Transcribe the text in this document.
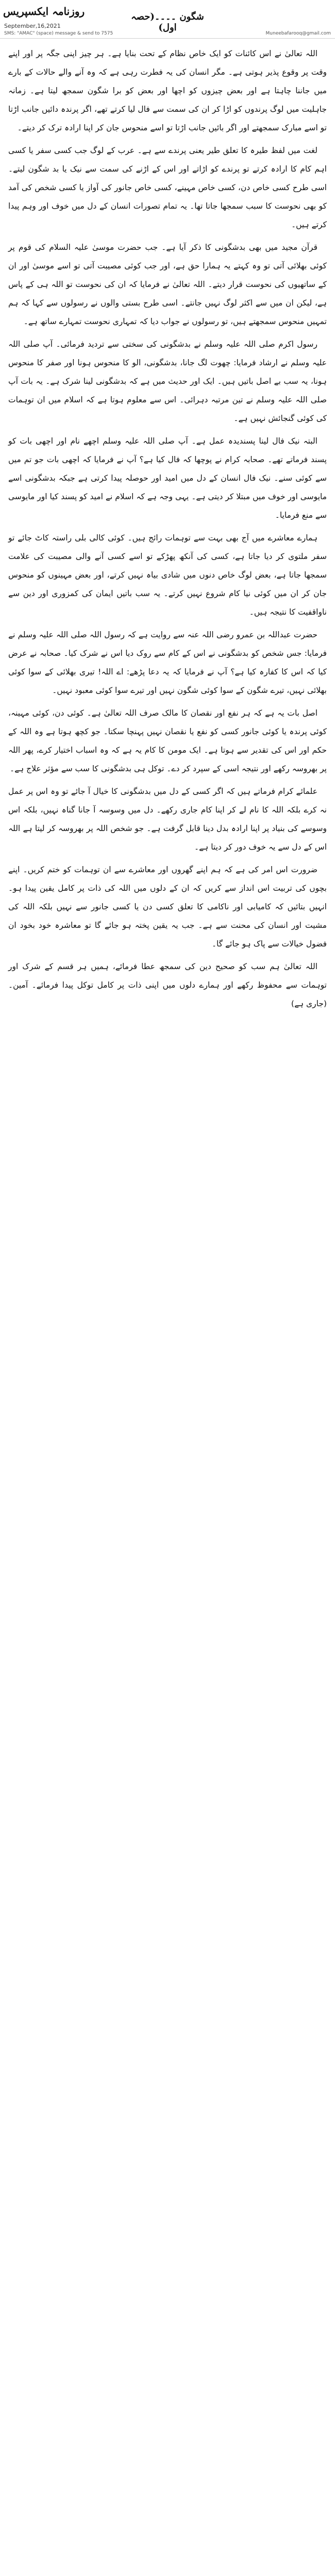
روزنامہ ایکسپریس
September,16,2021
شگون ۔۔۔۔(حصہ اول)
SMS: "AMAC" (space) message & send to 7575	Muneebafarooq@gmail.com

اللہ تعالیٰ نے اس کائنات کو ایک خاص نظام کے تحت بنایا ہے۔ ہر چیز اپنی جگہ پر اور اپنے وقت پر وقوع پذیر ہوتی ہے۔ مگر انسان کی یہ فطرت رہی ہے کہ وہ آنے والے حالات کے بارے میں جاننا چاہتا ہے اور بعض چیزوں کو اچھا اور بعض کو برا شگون سمجھ لیتا ہے۔ زمانہ جاہلیت میں لوگ پرندوں کو اڑا کر ان کی سمت سے فال لیا کرتے تھے، اگر پرندہ دائیں جانب اڑتا تو اسے مبارک سمجھتے اور اگر بائیں جانب اڑتا تو اسے منحوس جان کر اپنا ارادہ ترک کر دیتے۔

لغت میں لفظ طیرہ کا تعلق طیر یعنی پرندے سے ہے۔ عرب کے لوگ جب کسی سفر یا کسی اہم کام کا ارادہ کرتے تو پرندے کو اڑاتے اور اس کے اڑنے کی سمت سے نیک یا بد شگون لیتے۔ اسی طرح کسی خاص دن، کسی خاص مہینے، کسی خاص جانور کی آواز یا کسی شخص کی آمد کو بھی نحوست کا سبب سمجھا جاتا تھا۔ یہ تمام تصورات انسان کے دل میں خوف اور وہم پیدا کرتے ہیں۔

قرآن مجید میں بھی بدشگونی کا ذکر آیا ہے۔ جب حضرت موسیٰ علیہ السلام کی قوم پر کوئی بھلائی آتی تو وہ کہتے یہ ہمارا حق ہے، اور جب کوئی مصیبت آتی تو اسے موسیٰ اور ان کے ساتھیوں کی نحوست قرار دیتے۔ اللہ تعالیٰ نے فرمایا کہ ان کی نحوست تو اللہ ہی کے پاس ہے، لیکن ان میں سے اکثر لوگ نہیں جانتے۔ اسی طرح بستی والوں نے رسولوں سے کہا کہ ہم تمہیں منحوس سمجھتے ہیں، تو رسولوں نے جواب دیا کہ تمہاری نحوست تمہارے ساتھ ہے۔

رسول اکرم صلی اللہ علیہ وسلم نے بدشگونی کی سختی سے تردید فرمائی۔ آپ صلی اللہ علیہ وسلم نے ارشاد فرمایا: چھوت لگ جانا، بدشگونی، الو کا منحوس ہونا اور صفر کا منحوس ہونا، یہ سب بے اصل باتیں ہیں۔ ایک اور حدیث میں ہے کہ بدشگونی لینا شرک ہے۔ یہ بات آپ صلی اللہ علیہ وسلم نے تین مرتبہ دہرائی۔ اس سے معلوم ہوتا ہے کہ اسلام میں ان توہمات کی کوئی گنجائش نہیں ہے۔

البتہ نیک فال لینا پسندیدہ عمل ہے۔ آپ صلی اللہ علیہ وسلم اچھے نام اور اچھی بات کو پسند فرماتے تھے۔ صحابہ کرام نے پوچھا کہ فال کیا ہے؟ آپ نے فرمایا کہ اچھی بات جو تم میں سے کوئی سنے۔ نیک فال انسان کے دل میں امید اور حوصلہ پیدا کرتی ہے جبکہ بدشگونی اسے مایوسی اور خوف میں مبتلا کر دیتی ہے۔ یہی وجہ ہے کہ اسلام نے امید کو پسند کیا اور مایوسی سے منع فرمایا۔

ہمارے معاشرے میں آج بھی بہت سے توہمات رائج ہیں۔ کوئی کالی بلی راستہ کاٹ جائے تو سفر ملتوی کر دیا جاتا ہے، کسی کی آنکھ پھڑکے تو اسے کسی آنے والی مصیبت کی علامت سمجھا جاتا ہے، بعض لوگ خاص دنوں میں شادی بیاہ نہیں کرتے، اور بعض مہینوں کو منحوس جان کر ان میں کوئی نیا کام شروع نہیں کرتے۔ یہ سب باتیں ایمان کی کمزوری اور دین سے ناواقفیت کا نتیجہ ہیں۔

حضرت عبداللہ بن عمرو رضی اللہ عنہ سے روایت ہے کہ رسول اللہ صلی اللہ علیہ وسلم نے فرمایا: جس شخص کو بدشگونی نے اس کے کام سے روک دیا اس نے شرک کیا۔ صحابہ نے عرض کیا کہ اس کا کفارہ کیا ہے؟ آپ نے فرمایا کہ یہ دعا پڑھے: اے اللہ! تیری بھلائی کے سوا کوئی بھلائی نہیں، تیرے شگون کے سوا کوئی شگون نہیں اور تیرے سوا کوئی معبود نہیں۔

اصل بات یہ ہے کہ ہر نفع اور نقصان کا مالک صرف اللہ تعالیٰ ہے۔ کوئی دن، کوئی مہینہ، کوئی پرندہ یا کوئی جانور کسی کو نفع یا نقصان نہیں پہنچا سکتا۔ جو کچھ ہوتا ہے وہ اللہ کے حکم اور اس کی تقدیر سے ہوتا ہے۔ ایک مومن کا کام یہ ہے کہ وہ اسباب اختیار کرے، پھر اللہ پر بھروسہ رکھے اور نتیجہ اسی کے سپرد کر دے۔ توکل ہی بدشگونی کا سب سے مؤثر علاج ہے۔

علمائے کرام فرماتے ہیں کہ اگر کسی کے دل میں بدشگونی کا خیال آ جائے تو وہ اس پر عمل نہ کرے بلکہ اللہ کا نام لے کر اپنا کام جاری رکھے۔ دل میں وسوسہ آ جانا گناہ نہیں، بلکہ اس وسوسے کی بنیاد پر اپنا ارادہ بدل دینا قابل گرفت ہے۔ جو شخص اللہ پر بھروسہ کر لیتا ہے اللہ اس کے دل سے یہ خوف دور کر دیتا ہے۔

ضرورت اس امر کی ہے کہ ہم اپنے گھروں اور معاشرے سے ان توہمات کو ختم کریں۔ اپنے بچوں کی تربیت اس انداز سے کریں کہ ان کے دلوں میں اللہ کی ذات پر کامل یقین پیدا ہو۔ انہیں بتائیں کہ کامیابی اور ناکامی کا تعلق کسی دن یا کسی جانور سے نہیں بلکہ اللہ کی مشیت اور انسان کی محنت سے ہے۔ جب یہ یقین پختہ ہو جائے گا تو معاشرہ خود بخود ان فضول خیالات سے پاک ہو جائے گا۔

اللہ تعالیٰ ہم سب کو صحیح دین کی سمجھ عطا فرمائے، ہمیں ہر قسم کے شرک اور توہمات سے محفوظ رکھے اور ہمارے دلوں میں اپنی ذات پر کامل توکل پیدا فرمائے۔ آمین۔ (جاری ہے)
